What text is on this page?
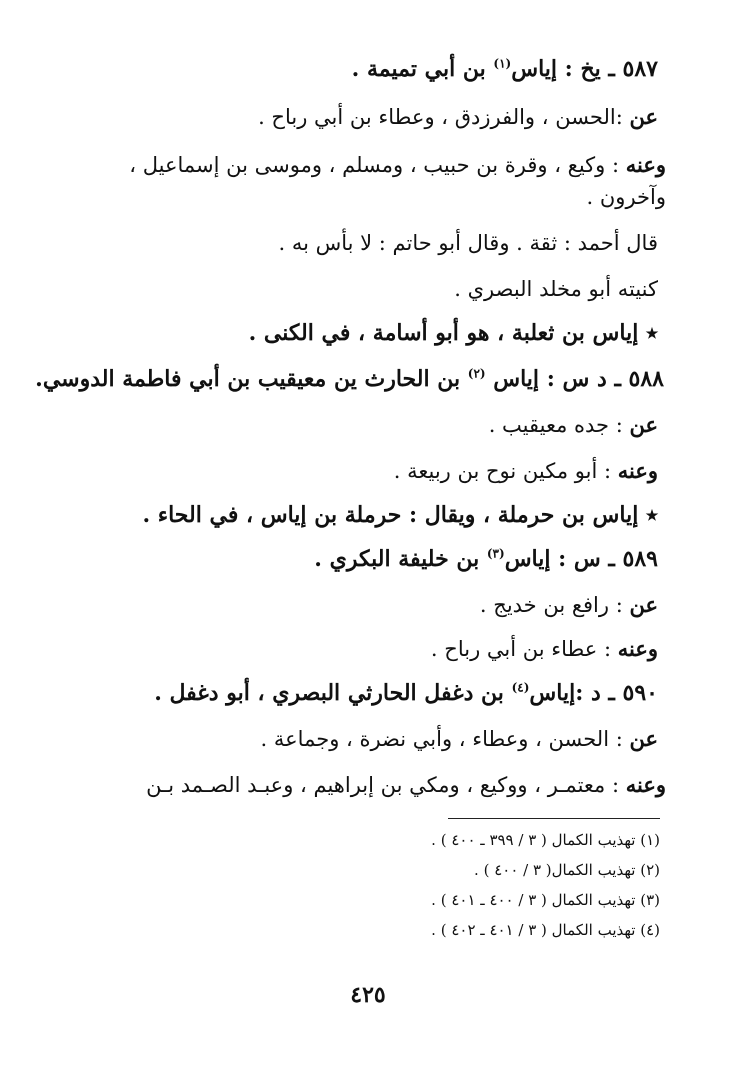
٥٨٧ ـ يخ : إياس$^{(١)}$ بن أبي تميمة .
عن :الحسن ، والفرزدق ، وعطاء بن أبي رباح .
وعنه : وكيع ، وقرة بن حبيب ، ومسلم ، وموسى بن إسماعيل ،
وآخرون .
قال أحمد : ثقة . وقال أبو حاتم : لا بأس به .
كنيته أبو مخلد البصري .
٭ إياس بن ثعلبة ، هو أبو أسامة ، في الكنى .
٥٨٨ ـ د س : إياس $^{(٢)}$ بن الحارث ين معيقيب بن أبي فاطمة الدوسي.
عن : جده معيقيب .
وعنه : أبو مكين نوح بن ربيعة .
٭ إياس بن حرملة ، ويقال : حرملة بن إياس ، في الحاء .
٥٨٩ ـ س : إياس$^{(٣)}$ بن خليفة البكري .
عن : رافع بن خديج .
وعنه : عطاء بن أبي رباح .
٥٩٠ ـ د :إياس$^{(٤)}$ بن دغفل الحارثي البصري ، أبو دغفل .
عن : الحسن ، وعطاء ، وأبي نضرة ، وجماعة .
وعنه : معتمـر ، ووكيع ، ومكي بن إبراهيم ، وعبـد الصـمد بـن
(١) تهذيب الكمال ( ٣ / ٣٩٩ ـ ٤٠٠ ) .
(٢) تهذيب الكمال( ٣ / ٤٠٠ ) .
(٣) تهذيب الكمال ( ٣ / ٤٠٠ ـ ٤٠١ ) .
(٤) تهذيب الكمال ( ٣ / ٤٠١ ـ ٤٠٢ ) .
٤٢٥
